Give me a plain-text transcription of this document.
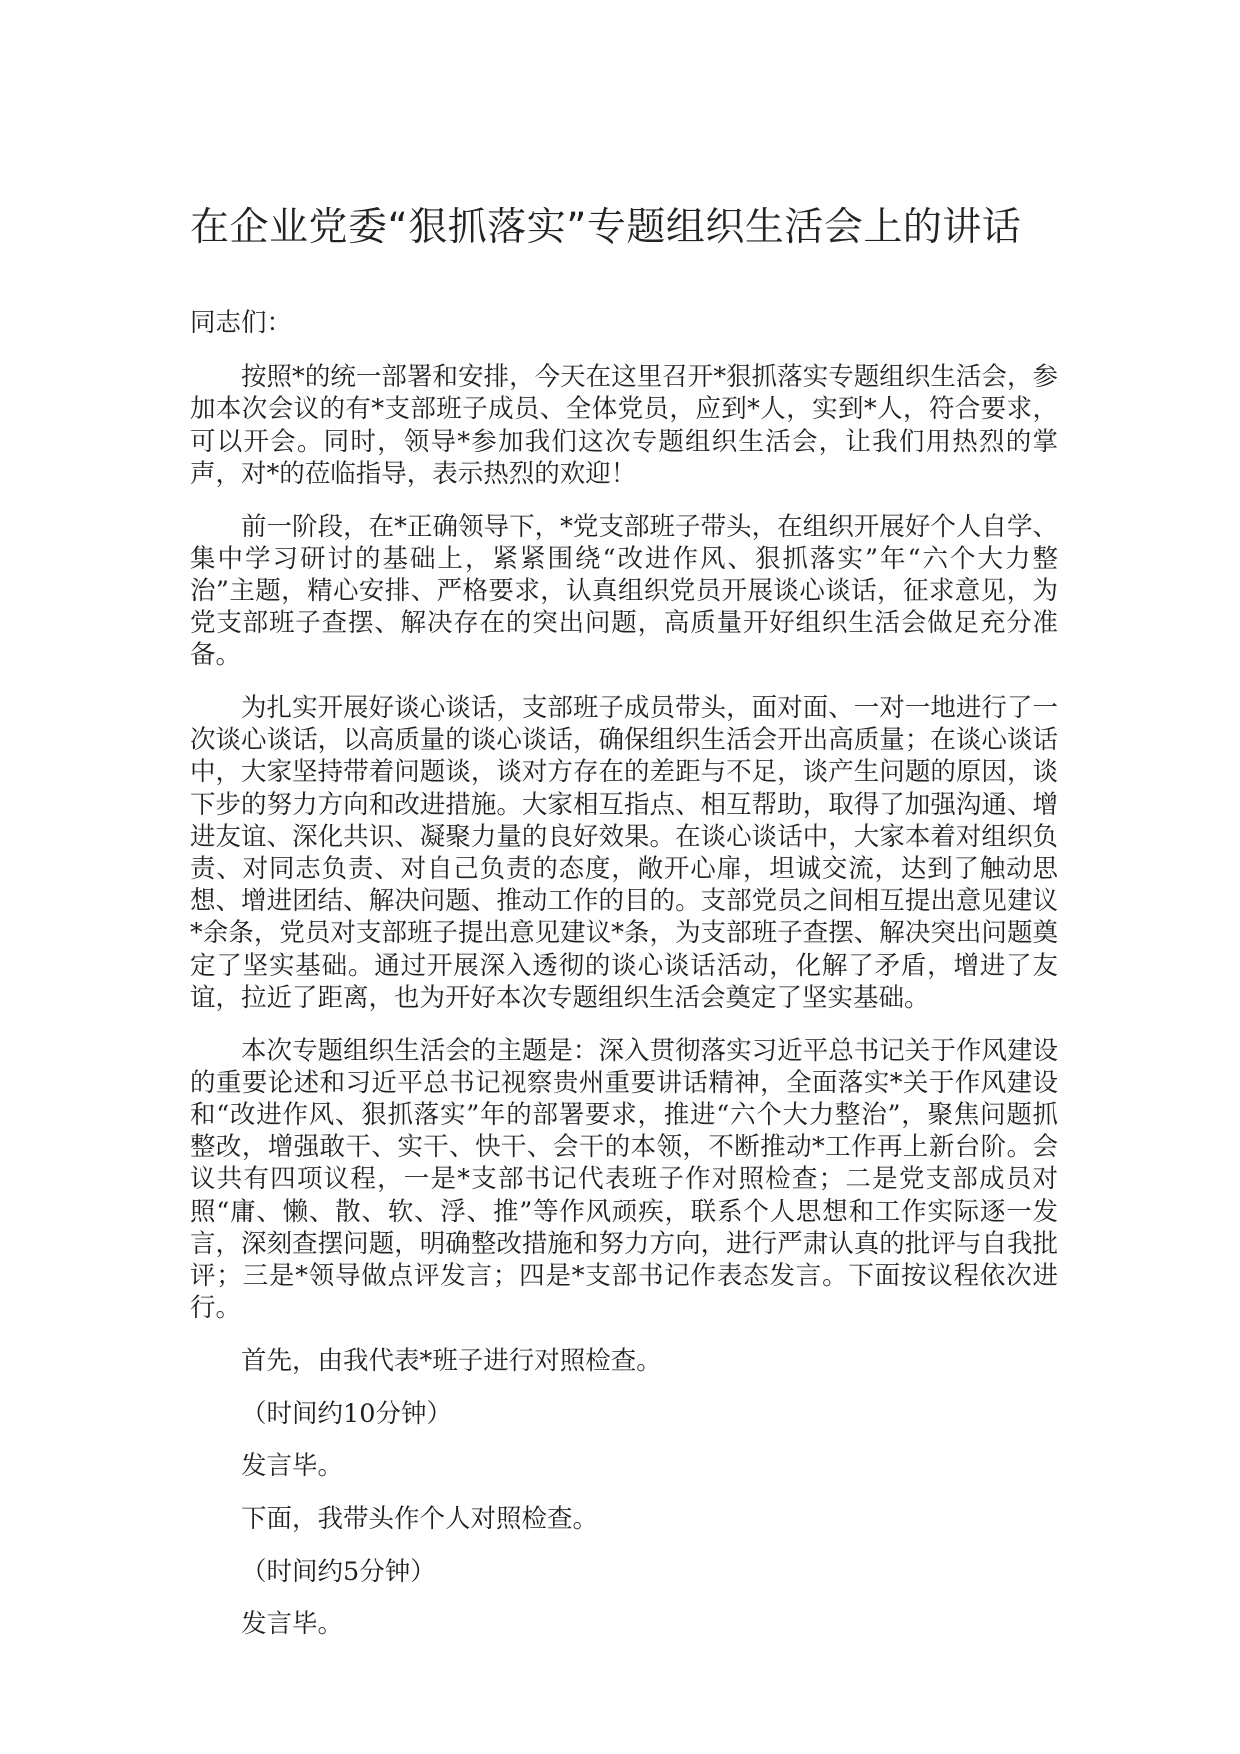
在企业党委“狠抓落实”专题组织生活会上的讲话

同志们：

按照*的统一部署和安排，今天在这里召开*狠抓落实专题组织生活会，参加本次会议的有*支部班子成员、全体党员，应到*人，实到*人，符合要求，可以开会。同时，领导*参加我们这次专题组织生活会，让我们用热烈的掌声，对*的莅临指导，表示热烈的欢迎！

前一阶段，在*正确领导下，*党支部班子带头，在组织开展好个人自学、集中学习研讨的基础上，紧紧围绕“改进作风、狠抓落实”年“六个大力整治”主题，精心安排、严格要求，认真组织党员开展谈心谈话，征求意见，为党支部班子查摆、解决存在的突出问题，高质量开好组织生活会做足充分准备。

为扎实开展好谈心谈话，支部班子成员带头，面对面、一对一地进行了一次谈心谈话，以高质量的谈心谈话，确保组织生活会开出高质量；在谈心谈话中，大家坚持带着问题谈，谈对方存在的差距与不足，谈产生问题的原因，谈下步的努力方向和改进措施。大家相互指点、相互帮助，取得了加强沟通、增进友谊、深化共识、凝聚力量的良好效果。在谈心谈话中，大家本着对组织负责、对同志负责、对自己负责的态度，敞开心扉，坦诚交流，达到了触动思想、增进团结、解决问题、推动工作的目的。支部党员之间相互提出意见建议*余条，党员对支部班子提出意见建议*条，为支部班子查摆、解决突出问题奠定了坚实基础。通过开展深入透彻的谈心谈话活动，化解了矛盾，增进了友谊，拉近了距离，也为开好本次专题组织生活会奠定了坚实基础。

本次专题组织生活会的主题是：深入贯彻落实习近平总书记关于作风建设的重要论述和习近平总书记视察贵州重要讲话精神，全面落实*关于作风建设和“改进作风、狠抓落实”年的部署要求，推进“六个大力整治”，聚焦问题抓整改，增强敢干、实干、快干、会干的本领，不断推动*工作再上新台阶。会议共有四项议程，一是*支部书记代表班子作对照检查；二是党支部成员对照“庸、懒、散、软、浮、推”等作风顽疾，联系个人思想和工作实际逐一发言，深刻查摆问题，明确整改措施和努力方向，进行严肃认真的批评与自我批评；三是*领导做点评发言；四是*支部书记作表态发言。下面按议程依次进行。

首先，由我代表*班子进行对照检查。

（时间约10分钟）

发言毕。

下面，我带头作个人对照检查。

（时间约5分钟）

发言毕。
